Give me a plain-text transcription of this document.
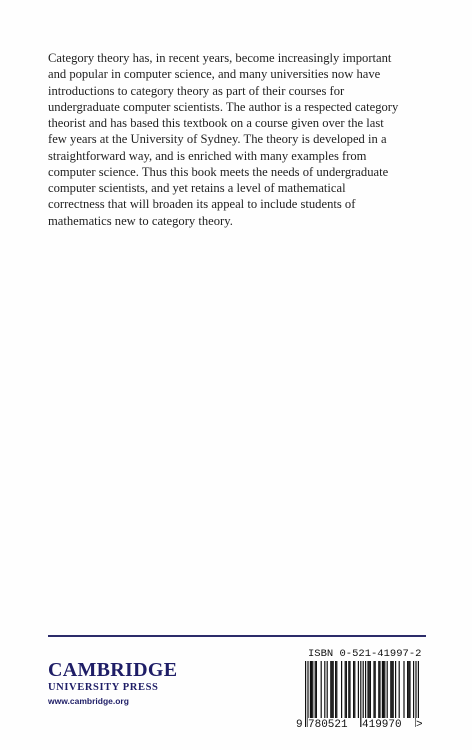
Category theory has, in recent years, become increasingly important
and popular in computer science, and many universities now have
introductions to category theory as part of their courses for
undergraduate computer scientists. The author is a respected category
theorist and has based this textbook on a course given over the last
few years at the University of Sydney. The theory is developed in a
straightforward way, and is enriched with many examples from
computer science. Thus this book meets the needs of undergraduate
computer scientists, and yet retains a level of mathematical
correctness that will broaden its appeal to include students of
mathematics new to category theory.
CAMBRIDGE
UNIVERSITY PRESS
www.cambridge.org
ISBN 0-521-41997-2
9 780521 419970 >
